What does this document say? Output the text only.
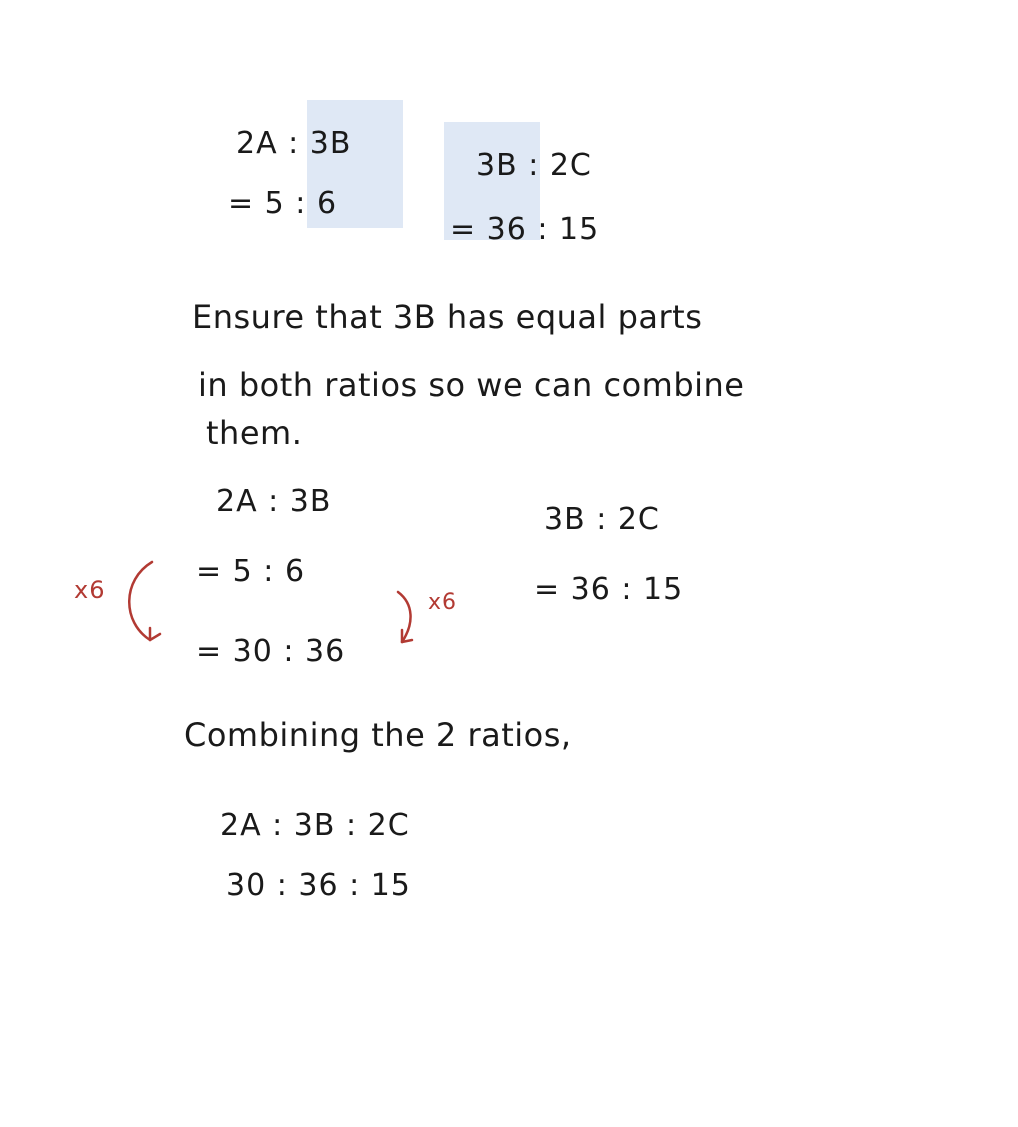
2A : 3B
= 5 : 6
3B : 2C
= 36 : 15
Ensure that 3B has equal parts
in both ratios so we can combine
them.
2A : 3B
= 5 : 6
= 30 : 36
3B : 2C
= 36 : 15
x6	x6
Combining the 2 ratios,
2A : 3B : 2C
30 : 36 : 15
